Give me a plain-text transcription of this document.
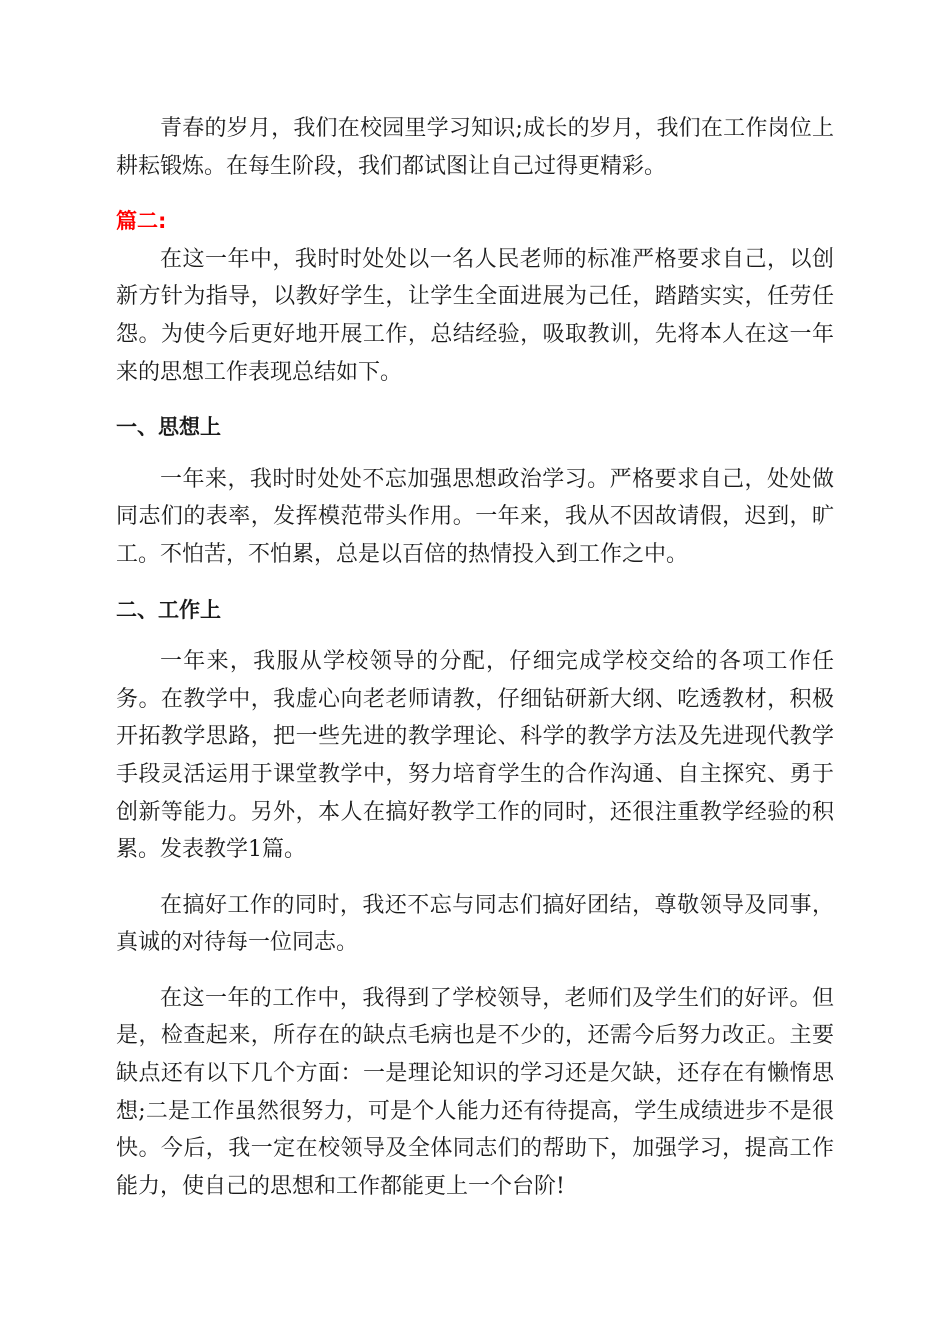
青春的岁月，我们在校园里学习知识;成长的岁月，我们在工作岗位上耕耘锻炼。在每生阶段，我们都试图让自己过得更精彩。

篇二:

在这一年中，我时时处处以一名人民老师的标准严格要求自己，以创新方针为指导，以教好学生，让学生全面进展为己任，踏踏实实，任劳任怨。为使今后更好地开展工作，总结经验，吸取教训，先将本人在这一年来的思想工作表现总结如下。

一、思想上

一年来，我时时处处不忘加强思想政治学习。严格要求自己，处处做同志们的表率，发挥模范带头作用。一年来，我从不因故请假，迟到，旷工。不怕苦，不怕累，总是以百倍的热情投入到工作之中。

二、工作上

一年来，我服从学校领导的分配，仔细完成学校交给的各项工作任务。在教学中，我虚心向老老师请教，仔细钻研新大纲、吃透教材，积极开拓教学思路，把一些先进的教学理论、科学的教学方法及先进现代教学手段灵活运用于课堂教学中，努力培育学生的合作沟通、自主探究、勇于创新等能力。另外，本人在搞好教学工作的同时，还很注重教学经验的积累。发表教学1篇。

在搞好工作的同时，我还不忘与同志们搞好团结，尊敬领导及同事，真诚的对待每一位同志。

在这一年的工作中，我得到了学校领导，老师们及学生们的好评。但是，检查起来，所存在的缺点毛病也是不少的，还需今后努力改正。主要缺点还有以下几个方面：一是理论知识的学习还是欠缺，还存在有懒惰思想;二是工作虽然很努力，可是个人能力还有待提高，学生成绩进步不是很快。今后，我一定在校领导及全体同志们的帮助下，加强学习，提高工作能力，使自己的思想和工作都能更上一个台阶!
